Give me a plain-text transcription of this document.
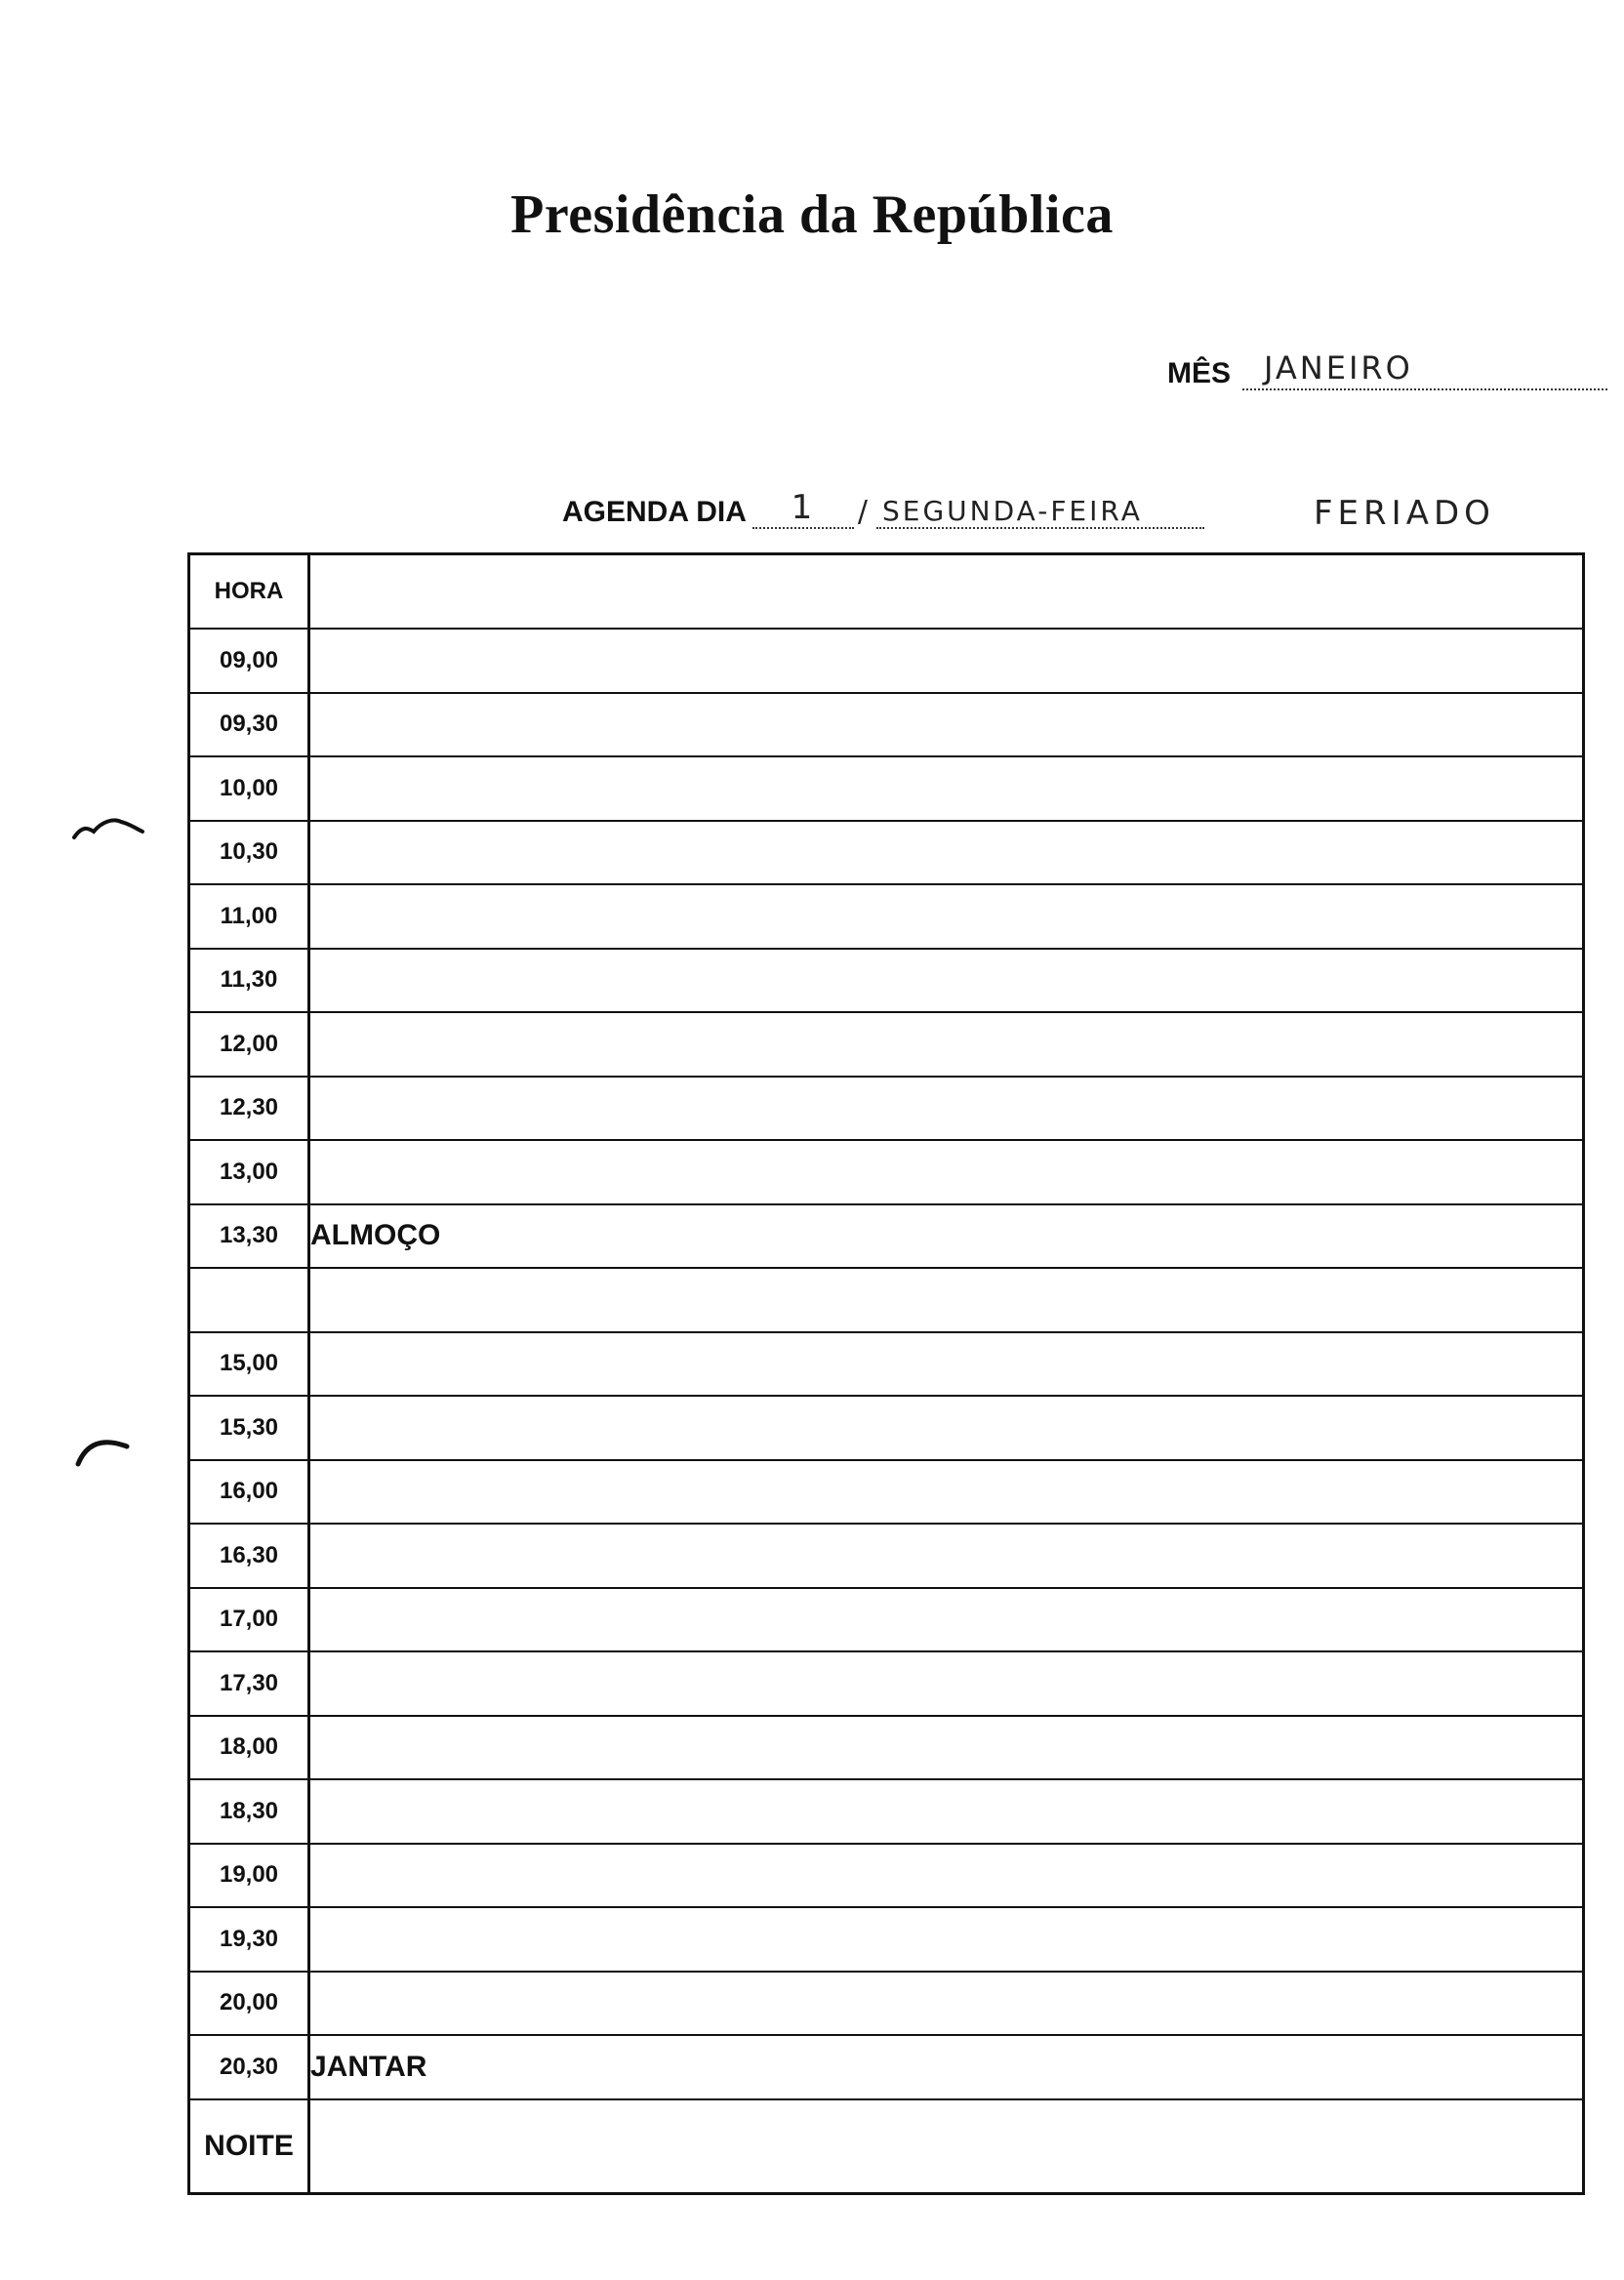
Presidência da República
MÊS	JANEIRO
AGENDA DIA	1	/ SEGUNDA-FEIRA	FERIADO
HORA	
09,00	
09,30	
10,00	
10,30	
11,00	
11,30	
12,00	
12,30	
13,00	
13,30	ALMOÇO

15,00	
15,30	
16,00	
16,30	
17,00	
17,30	
18,00	
18,30	
19,00	
19,30	
20,00	
20,30	JANTAR
NOITE	
